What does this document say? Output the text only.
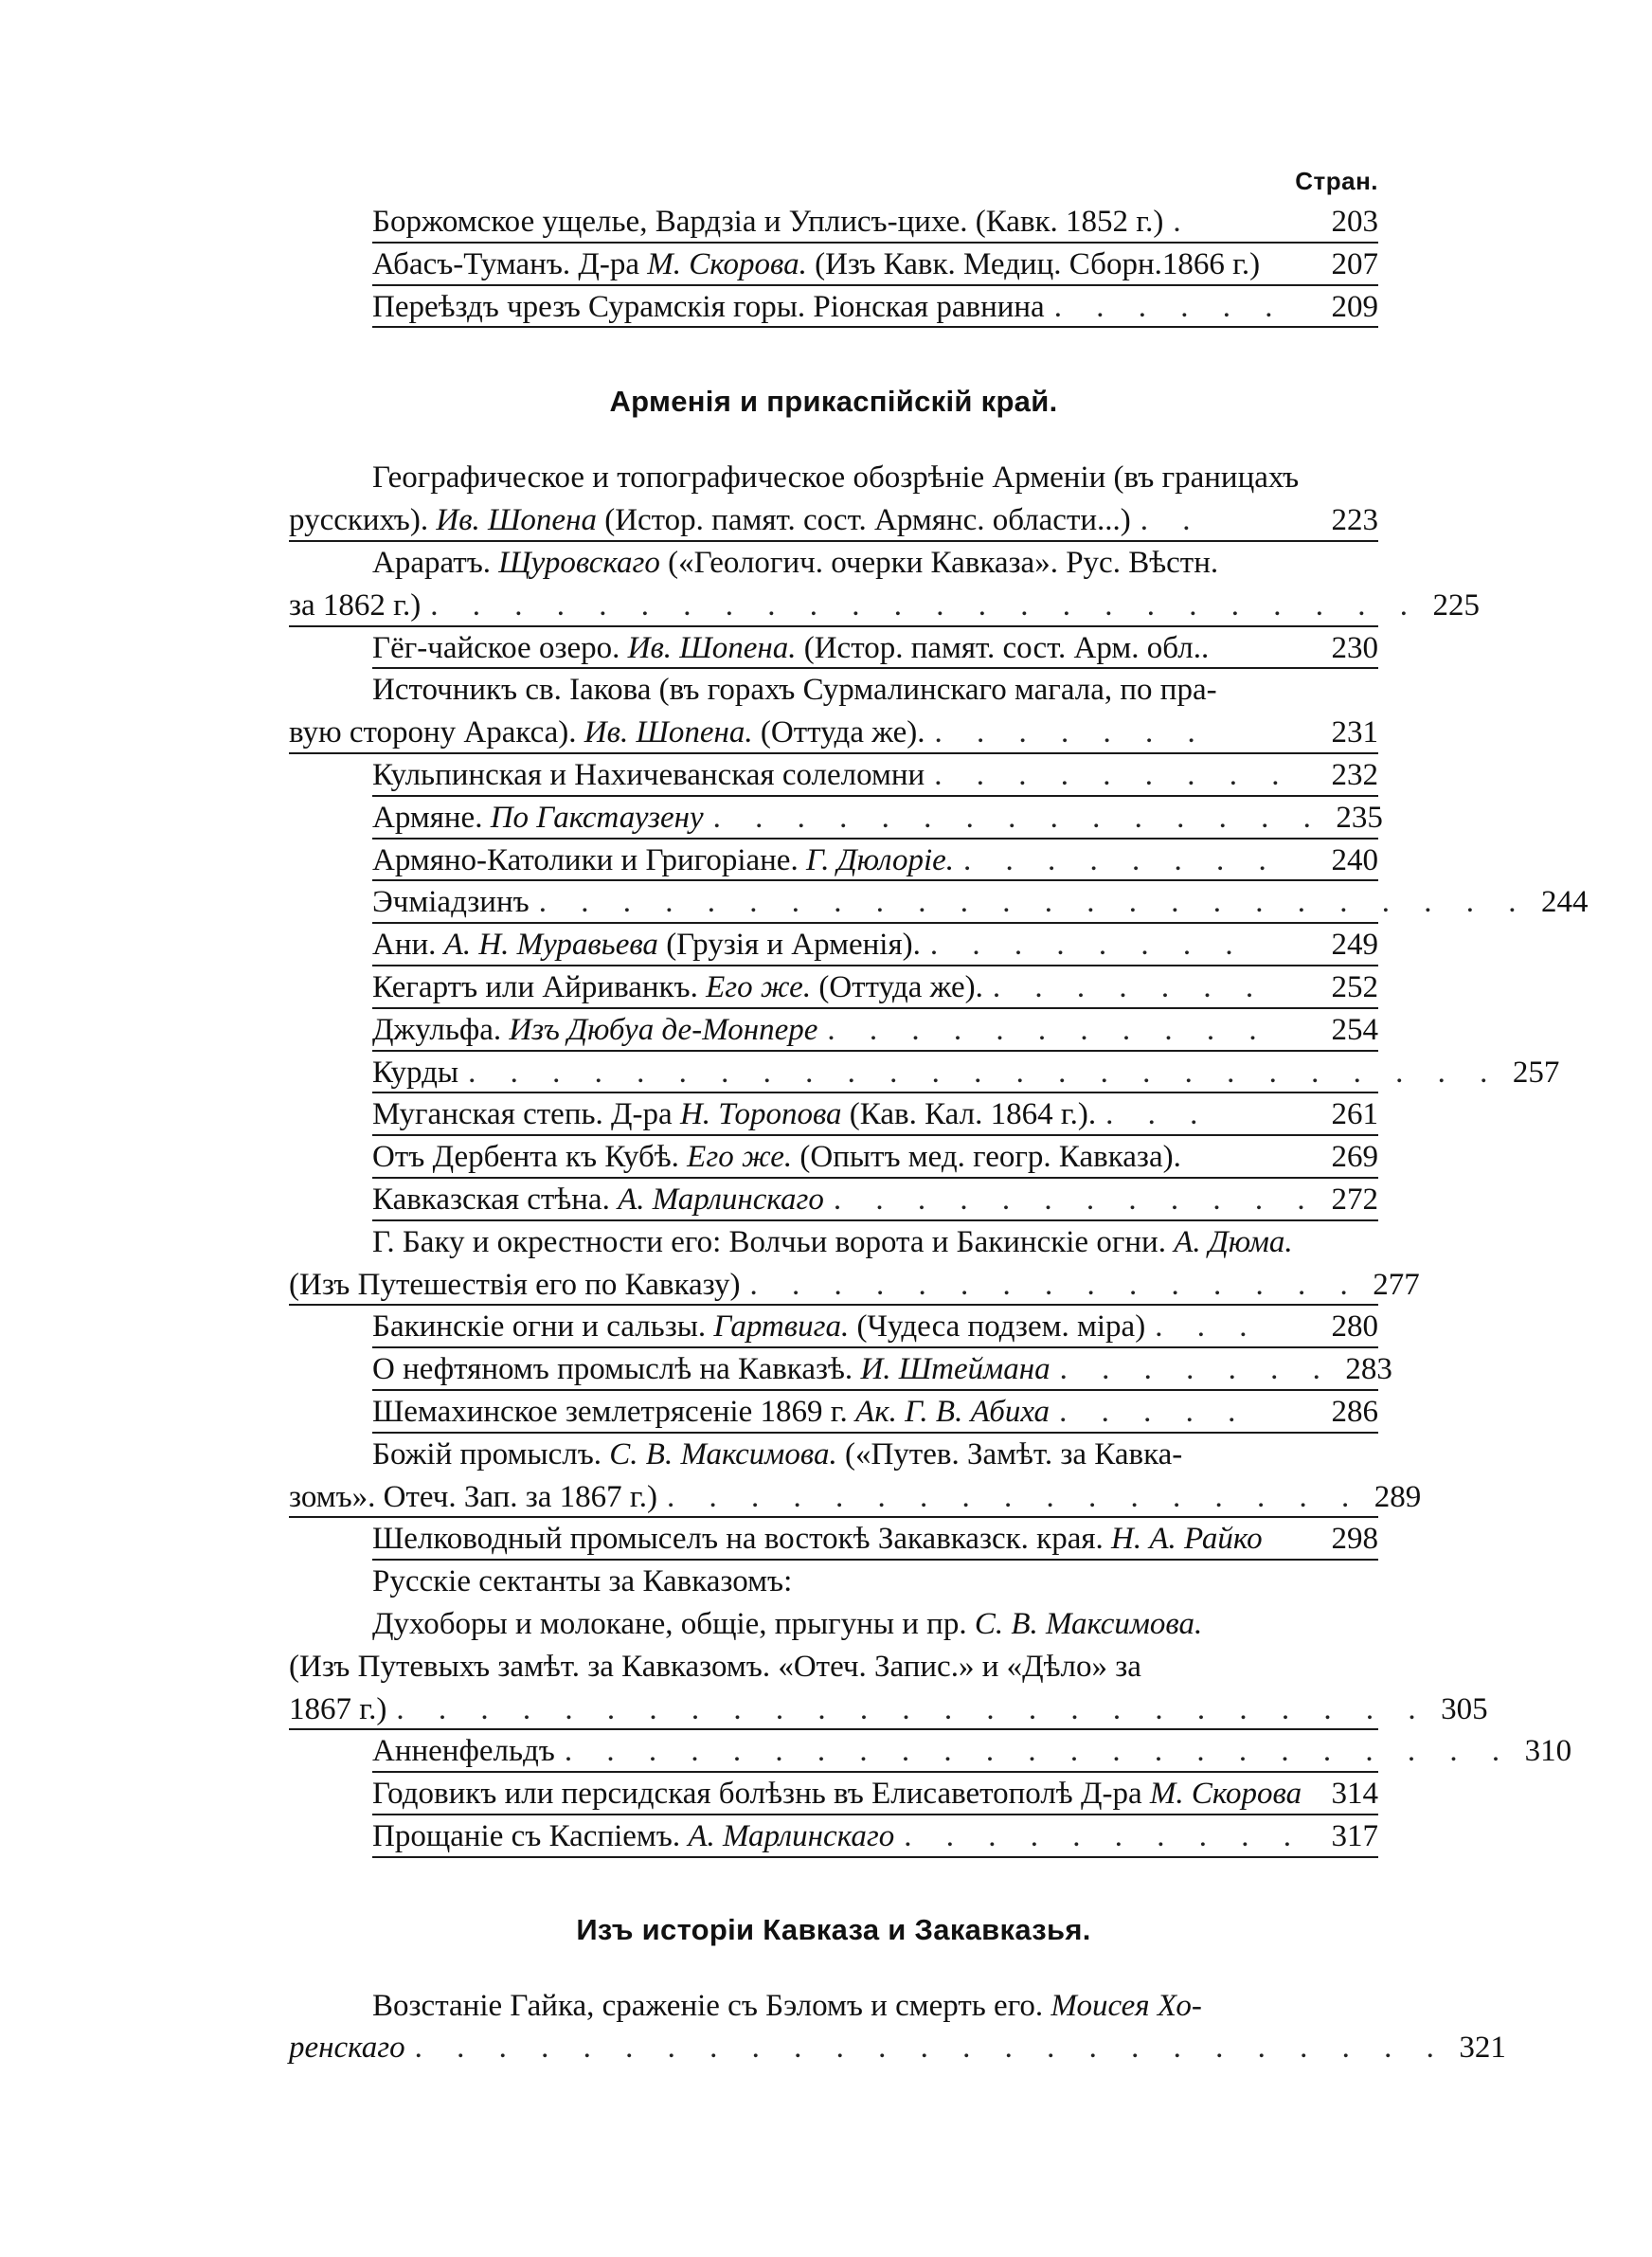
Стран.
Боржомское ущелье, Вардзіа и Уплисъ-цихе. (Кавк. 1852 г.) .	203
Абасъ-Туманъ. Д-ра М. Скорова. (Изъ Кавк. Медиц. Сборн.1866 г.)	207
Переѣздъ чрезъ Сурамскія горы. Ріонская равнина . . . . . .	209
Арменія и прикаспійскій край.
Географическое и топографическое обозрѣніе Арменіи (въ границахъ
русскихъ). Ив. Шопена (Истор. памят. сост. Армянс. области...) . .	223
Араратъ. Щуровскаго («Геологич. очерки Кавказа». Рус. Вѣстн.
за 1862 г.) . . . . . . . . . . . . . . . . . . . . . . . . 225
Гёг-чайское озеро. Ив. Шопена. (Истор. памят. сост. Арм. обл..	230
Источникъ св. Іакова (въ горахъ Сурмалинскаго магала, по пра-
вую сторону Аракса). Ив. Шопена. (Оттуда же). . . . . . . .	231
Кульпинская и Нахичеванская солеломни . . . . . . . . .	232
Армяне. По Гакстаузену . . . . . . . . . . . . . . . 235
Армяно-Католики и Григоріане. Г. Дюлоріе. . . . . . . . .	240
Эчміадзинъ . . . . . . . . . . . . . . . . . . . . . . . . 244
Ани. А. Н. Муравьева (Грузія и Арменія). . . . . . . . .	249
Кегартъ или Айриванкъ. Его же. (Оттуда же). . . . . . . .	252
Джульфа. Изъ Дюбуа де-Монпере . . . . . . . . . . .	254
Курды . . . . . . . . . . . . . . . . . . . . . . . . . 257
Муганская степь. Д-ра Н. Торопова (Кав. Кал. 1864 г.). . . .	261
Отъ Дербента къ Кубѣ. Его же. (Опытъ мед. геогр. Кавказа).	269
Кавказская стѣна. А. Марлинскаго . . . . . . . . . . . . 272
Г. Баку и окрестности его: Волчьи ворота и Бакинскіе огни. А. Дюма.
(Изъ Путешествія его по Кавказу) . . . . . . . . . . . . . . . 277
Бакинскіе огни и сальзы. Гартвига. (Чудеса подзем. міра) . . .	280
О нефтяномъ промыслѣ на Кавказѣ. И. Штеймана . . . . . . . 283
Шемахинское землетрясеніе 1869 г. Ак. Г. В. Абиха . . . . .	286
Божій промыслъ. С. В. Максимова. («Путев. Замѣт. за Кавка-
зомъ». Отеч. Зап. за 1867 г.) . . . . . . . . . . . . . . . . . 289
Шелководный промыселъ на востокѣ Закавказск. края. Н. А. Райко	298
Русскіе сектанты за Кавказомъ:
Духоборы и молокане, общіе, прыгуны и пр. С. В. Максимова.
(Изъ Путевыхъ замѣт. за Кавказомъ. «Отеч. Запис.» и «Дѣло» за
1867 г.) . . . . . . . . . . . . . . . . . . . . . . . . . 305
Анненфельдъ . . . . . . . . . . . . . . . . . . . . . . . 310
Годовикъ или персидская болѣзнь въ Елисаветополѣ Д-ра М. Скорова 314
Прощаніе съ Каспіемъ. А. Марлинскаго . . . . . . . . . . 317
Изъ исторіи Кавказа и Закавказья.
Возстаніе Гайка, сраженіе съ Бэломъ и смерть его. Моисея Хо-
ренскаго . . . . . . . . . . . . . . . . . . . . . . . . . 321
